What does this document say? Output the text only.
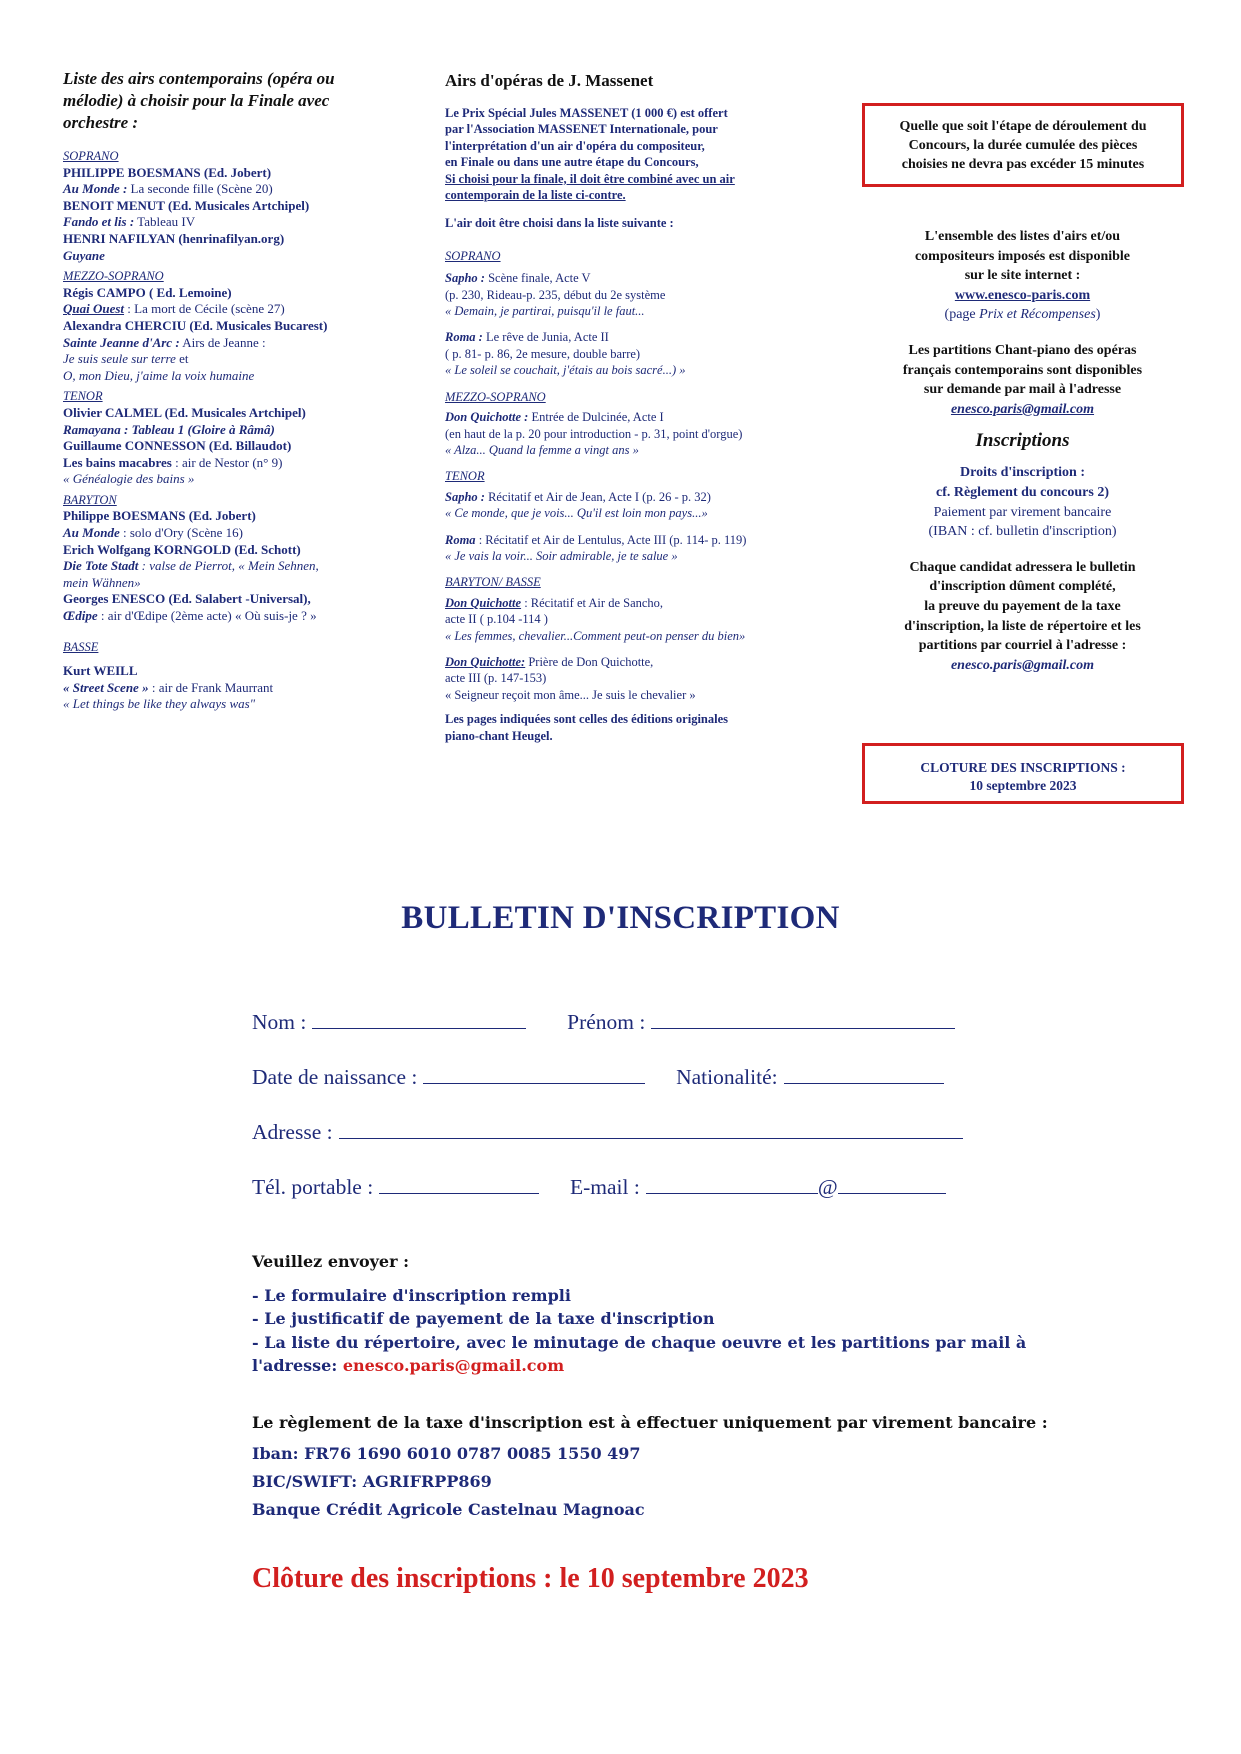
Liste des airs contemporains (opéra ou
mélodie) à choisir pour la Finale avec
orchestre :
SOPRANO
PHILIPPE BOESMANS (Ed. Jobert)
Au Monde : La seconde fille (Scène 20)
BENOIT MENUT (Ed. Musicales Artchipel)
Fando et lis : Tableau IV
HENRI NAFILYAN (henrinafilyan.org)
Guyane
MEZZO-SOPRANO
Régis CAMPO ( Ed. Lemoine)
Quai Ouest : La mort de Cécile (scène 27)
Alexandra CHERCIU (Ed. Musicales Bucarest)
Sainte Jeanne d'Arc : Airs de Jeanne :
Je suis seule sur terre et
O, mon Dieu, j'aime la voix humaine
TENOR
Olivier CALMEL (Ed. Musicales Artchipel)
Ramayana : Tableau 1 (Gloire à Râmâ)
Guillaume CONNESSON (Ed. Billaudot)
Les bains macabres : air de Nestor (n° 9)
« Généalogie des bains »
BARYTON
Philippe BOESMANS (Ed. Jobert)
Au Monde : solo d'Ory (Scène 16)
Erich Wolfgang KORNGOLD (Ed. Schott)
Die Tote Stadt : valse de Pierrot, « Mein Sehnen,
mein Wähnen»
Georges ENESCO (Ed. Salabert -Universal),
Œdipe : air d'Œdipe (2ème acte) « Où suis-je ? »
BASSE
Kurt WEILL
« Street Scene » : air de Frank Maurrant
« Let things be like they always was"
Airs d'opéras de J. Massenet
Le Prix Spécial Jules MASSENET (1 000 €) est offert
par l'Association MASSENET Internationale, pour
l'interprétation d'un air d'opéra du compositeur,
en Finale ou dans une autre étape du Concours,
Si choisi pour la finale, il doit être combiné avec un air
contemporain de la liste ci-contre.
L'air doit être choisi dans la liste suivante :
SOPRANO
Sapho : Scène finale, Acte V
(p. 230, Rideau-p. 235, début du 2e système
« Demain, je partirai, puisqu'il le faut...
Roma : Le rêve de Junia, Acte II
( p. 81- p. 86, 2e mesure, double barre)
« Le soleil se couchait, j'étais au bois sacré...) »
MEZZO-SOPRANO
Don Quichotte : Entrée de Dulcinée, Acte I
(en haut de la p. 20 pour introduction - p. 31, point d'orgue)
« Alza... Quand la femme a vingt ans »
TENOR
Sapho : Récitatif et Air de Jean, Acte I (p. 26 - p. 32)
« Ce monde, que je vois... Qu'il est loin mon pays...»
Roma : Récitatif et Air de Lentulus, Acte III (p. 114- p. 119)
« Je vais la voir... Soir admirable, je te salue »
BARYTON/ BASSE
Don Quichotte : Récitatif et Air de Sancho,
acte II ( p.104 -114 )
« Les femmes, chevalier...Comment peut-on penser du bien»
Don Quichotte: Prière de Don Quichotte,
acte III (p. 147-153)
« Seigneur reçoit mon âme... Je suis le chevalier »
Les pages indiquées sont celles des éditions originales
piano-chant Heugel.
Quelle que soit l'étape de déroulement du
Concours, la durée cumulée des pièces
choisies ne devra pas excéder 15 minutes
L'ensemble des listes d'airs et/ou
compositeurs imposés est disponible
sur le site internet :
www.enesco-paris.com
(page Prix et Récompenses)
Les partitions Chant-piano des opéras
français contemporains sont disponibles
sur demande par mail à l'adresse
enesco.paris@gmail.com
Inscriptions
Droits d'inscription :
cf. Règlement du concours 2)
Paiement par virement bancaire
(IBAN : cf. bulletin d'inscription)
Chaque candidat adressera le bulletin
d'inscription dûment complété,
la preuve du payement de la taxe
d'inscription, la liste de répertoire et les
partitions par courriel à l'adresse :
enesco.paris@gmail.com
CLOTURE DES INSCRIPTIONS :
10 septembre 2023
BULLETIN D'INSCRIPTION
Nom :	Prénom :
Date de naissance :	Nationalité:
Adresse :
Tél. portable :	E-mail :	@
Veuillez envoyer :
- Le formulaire d'inscription rempli
- Le justificatif de payement de la taxe d'inscription
- La liste du répertoire, avec le minutage de chaque oeuvre et les partitions par mail à
l'adresse: enesco.paris@gmail.com
Le règlement de la taxe d'inscription est à effectuer uniquement par virement bancaire :
Iban: FR76 1690 6010 0787 0085 1550 497
BIC/SWIFT: AGRIFRPP869
Banque Crédit Agricole Castelnau Magnoac
Clôture des inscriptions : le 10 septembre 2023
